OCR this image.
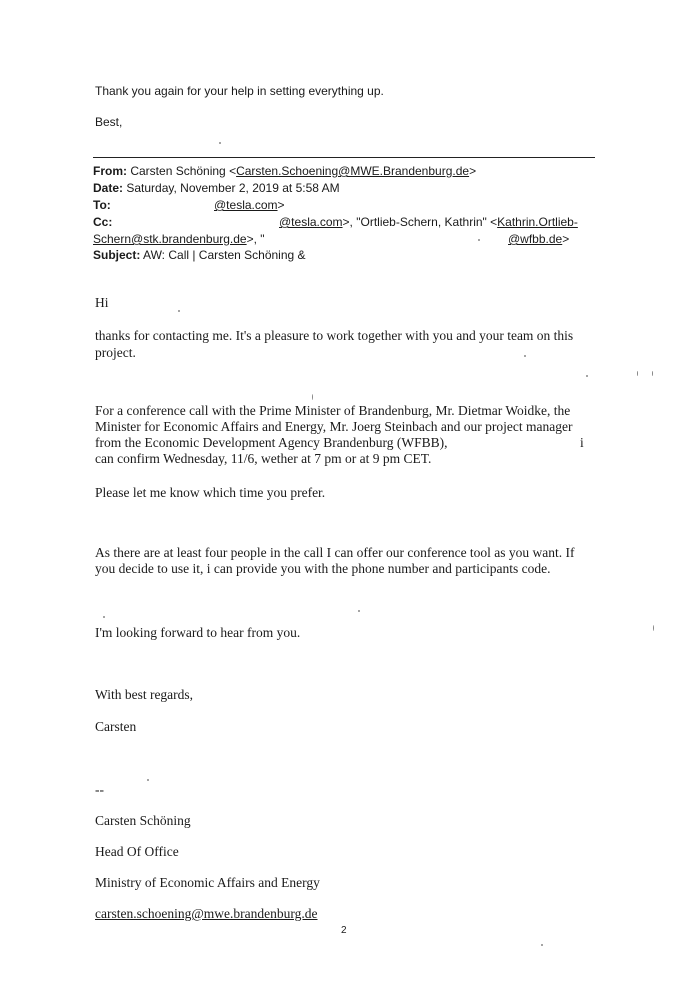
Thank you again for your help in setting everything up.
Best,
From: Carsten Schöning <Carsten.Schoening@MWE.Brandenburg.de>
Date: Saturday, November 2, 2019 at 5:58 AM
To:	@tesla.com>
Cc:	@tesla.com>, "Ortlieb-Schern, Kathrin" <Kathrin.Ortlieb-
Schern@stk.brandenburg.de>, "	@wfbb.de>
Subject: AW: Call | Carsten Schöning &
Hi
thanks for contacting me. It's a pleasure to work together with you and your team on this
project.
For a conference call with the Prime Minister of Brandenburg, Mr. Dietmar Woidke, the
Minister for Economic Affairs and Energy, Mr. Joerg Steinbach and our project manager
from the Economic Development Agency Brandenburg (WFBB),	i
can confirm Wednesday, 11/6, wether at 7 pm or at 9 pm CET.
Please let me know which time you prefer.
As there are at least four people in the call I can offer our conference tool as you want. If
you decide to use it, i can provide you with the phone number and participants code.
I'm looking forward to hear from you.
With best regards,
Carsten
--
Carsten Schöning
Head Of Office
Ministry of Economic Affairs and Energy
carsten.schoening@mwe.brandenburg.de
2
